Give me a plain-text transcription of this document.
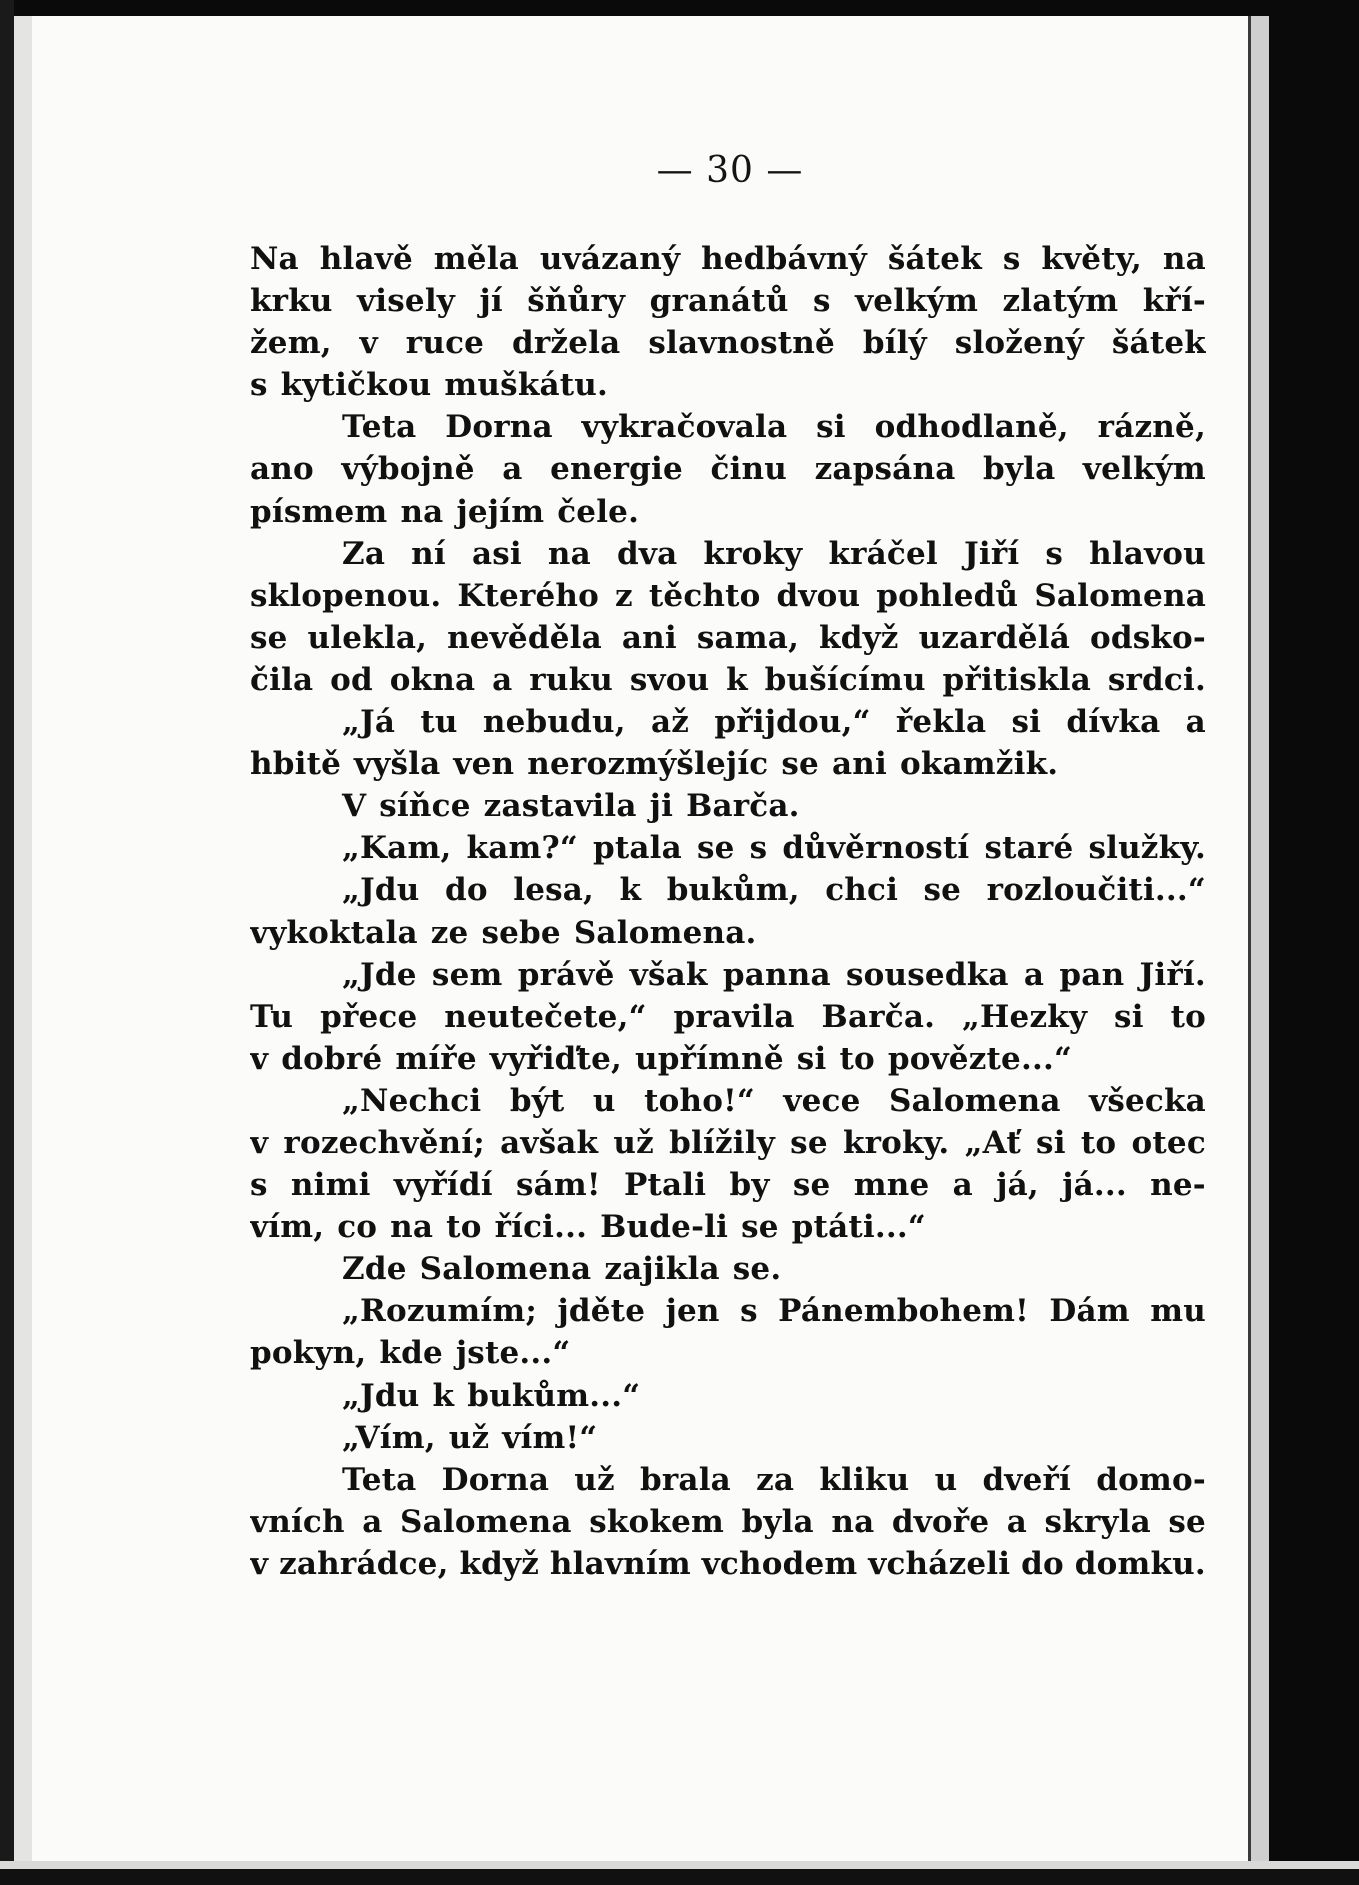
— 30 —
Na hlavě měla uvázaný hedbávný šátek s květy, na
krku visely jí šňůry granátů s velkým zlatým kří-
žem, v ruce držela slavnostně bílý složený šátek
s kytičkou muškátu.
Teta Dorna vykračovala si odhodlaně, rázně,
ano výbojně a energie činu zapsána byla velkým
písmem na jejím čele.
Za ní asi na dva kroky kráčel Jiří s hlavou
sklopenou. Kterého z těchto dvou pohledů Salomena
se ulekla, nevěděla ani sama, když uzardělá odsko-
čila od okna a ruku svou k bušícímu přitiskla srdci.
„Já tu nebudu, až přijdou,“ řekla si dívka a
hbitě vyšla ven nerozmýšlejíc se ani okamžik.
V síňce zastavila ji Barča.
„Kam, kam?“ ptala se s důvěrností staré služky.
„Jdu do lesa, k bukům, chci se rozloučiti...“
vykoktala ze sebe Salomena.
„Jde sem právě však panna sousedka a pan Jiří.
Tu přece neutečete,“ pravila Barča. „Hezky si to
v dobré míře vyřiďte, upřímně si to povězte...“
„Nechci být u toho!“ vece Salomena všecka
v rozechvění; avšak už blížily se kroky. „Ať si to otec
s nimi vyřídí sám! Ptali by se mne a já, já... ne-
vím, co na to říci... Bude-li se ptáti...“
Zde Salomena zajikla se.
„Rozumím; jděte jen s Pánembohem! Dám mu
pokyn, kde jste...“
„Jdu k bukům...“
„Vím, už vím!“
Teta Dorna už brala za kliku u dveří domo-
vních a Salomena skokem byla na dvoře a skryla se
v zahrádce, když hlavním vchodem vcházeli do domku.
